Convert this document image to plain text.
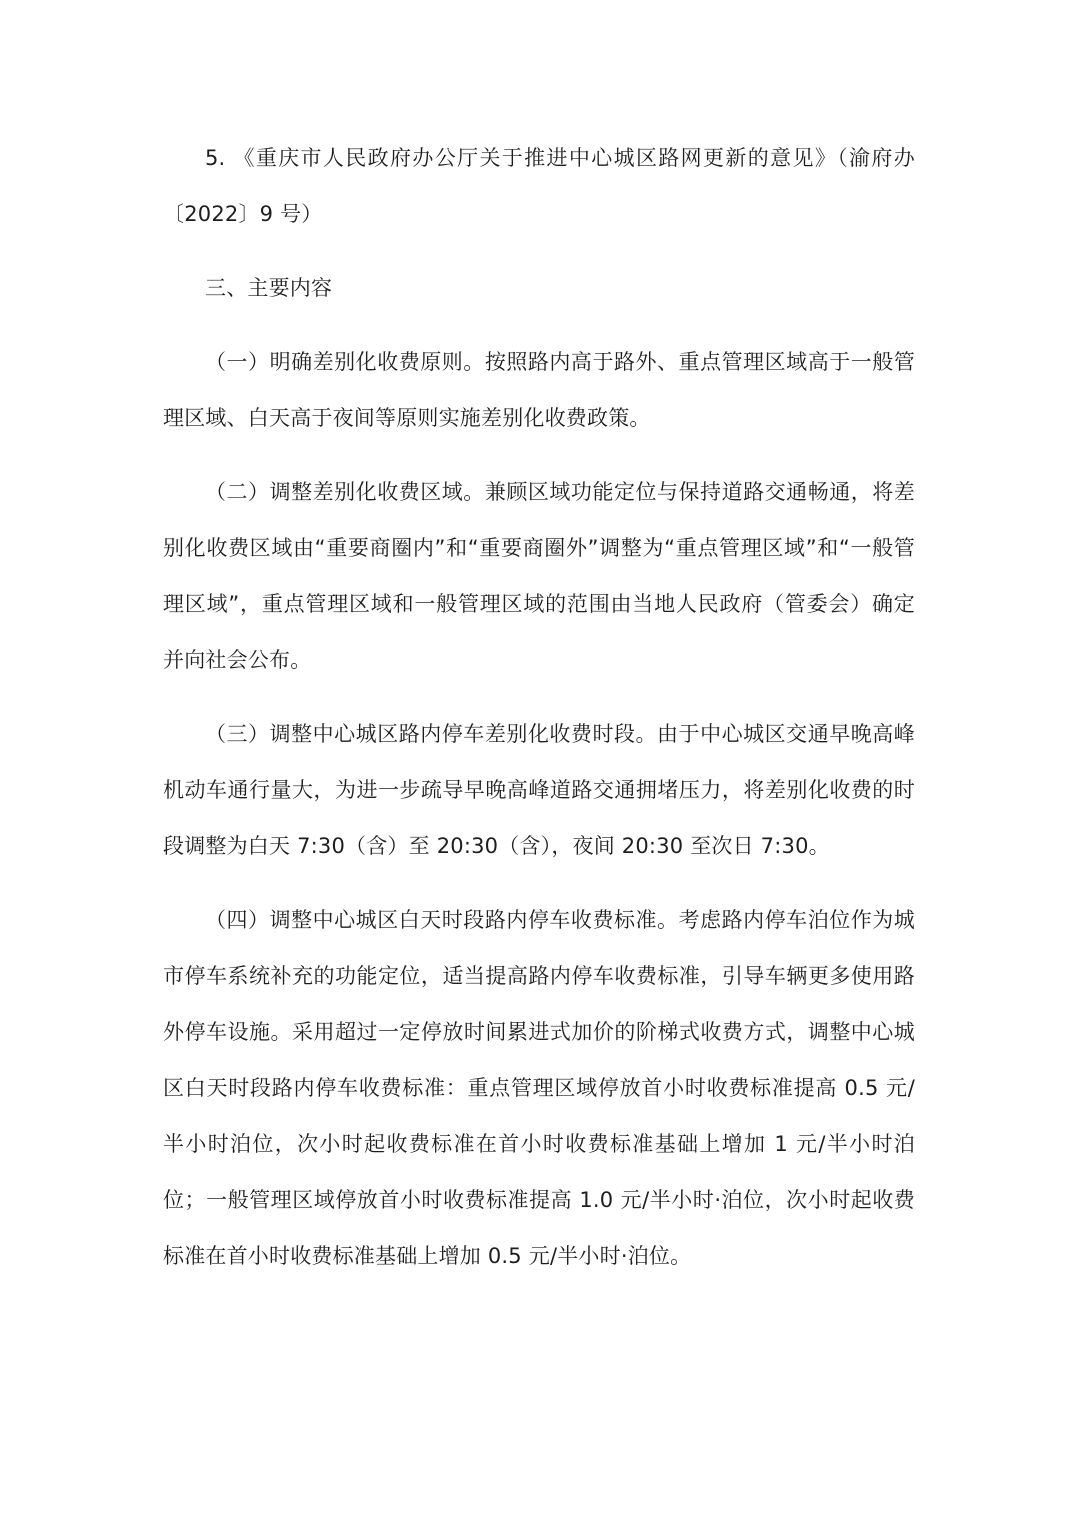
5. 《重庆市人民政府办公厅关于推进中心城区路网更新的意见》（渝府办〔2022〕9 号）

三、主要内容

（一）明确差别化收费原则。按照路内高于路外、重点管理区域高于一般管理区域、白天高于夜间等原则实施差别化收费政策。

（二）调整差别化收费区域。兼顾区域功能定位与保持道路交通畅通，将差别化收费区域由“重要商圈内”和“重要商圈外”调整为“重点管理区域”和“一般管理区域”，重点管理区域和一般管理区域的范围由当地人民政府（管委会）确定并向社会公布。

（三）调整中心城区路内停车差别化收费时段。由于中心城区交通早晚高峰机动车通行量大，为进一步疏导早晚高峰道路交通拥堵压力，将差别化收费的时段调整为白天 7:30（含）至 20:30（含），夜间 20:30 至次日 7:30。

（四）调整中心城区白天时段路内停车收费标准。考虑路内停车泊位作为城市停车系统补充的功能定位，适当提高路内停车收费标准，引导车辆更多使用路外停车设施。采用超过一定停放时间累进式加价的阶梯式收费方式，调整中心城区白天时段路内停车收费标准：重点管理区域停放首小时收费标准提高 0.5 元/半小时泊位，次小时起收费标准在首小时收费标准基础上增加 1 元/半小时泊位；一般管理区域停放首小时收费标准提高 1.0 元/半小时·泊位，次小时起收费标准在首小时收费标准基础上增加 0.5 元/半小时·泊位。
